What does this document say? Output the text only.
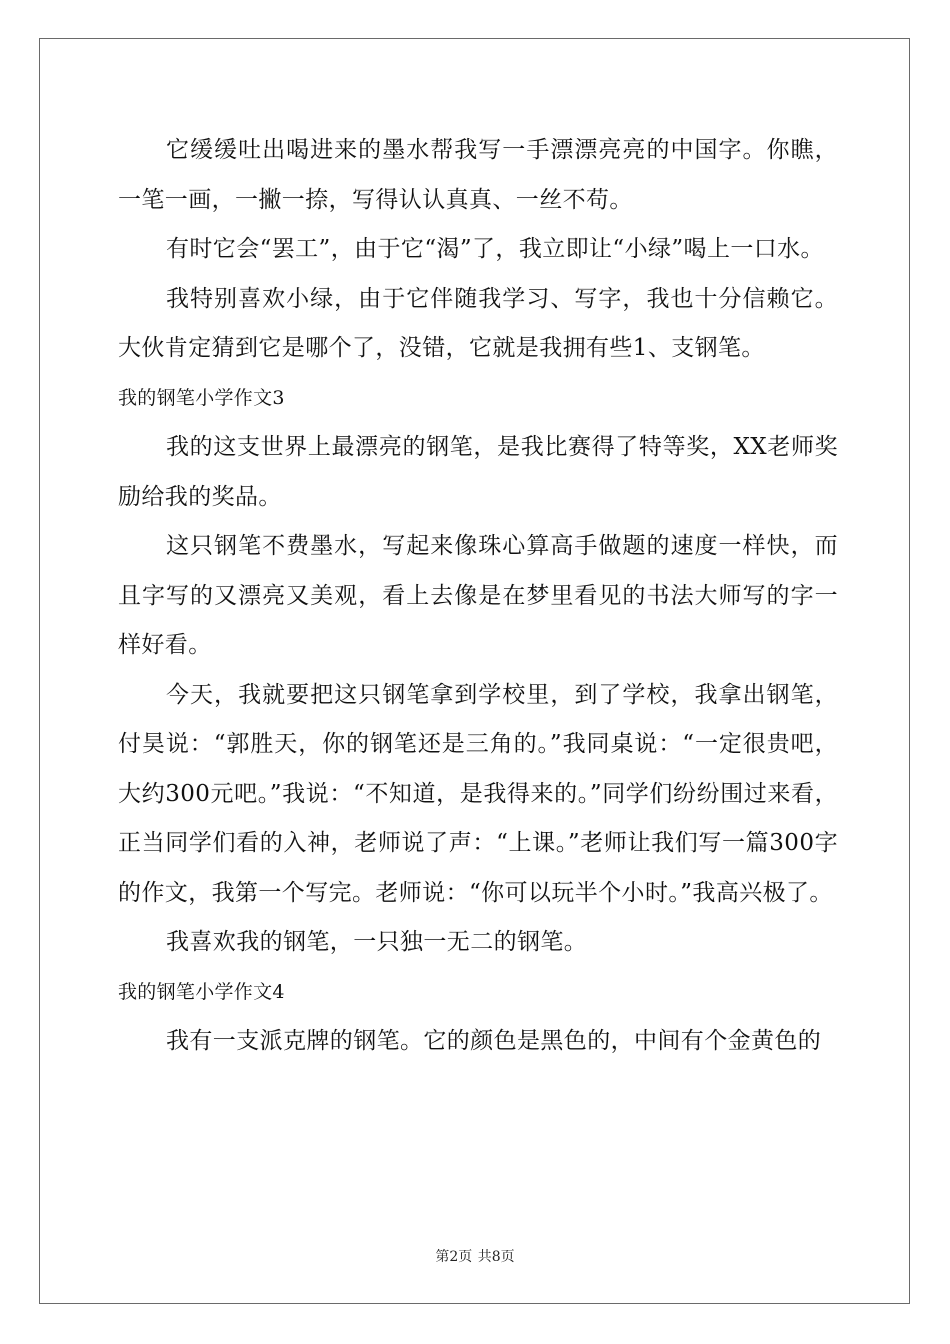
它缓缓吐出喝进来的墨水帮我写一手漂漂亮亮的中国字。你瞧，一笔一画，一撇一捺，写得认认真真、一丝不苟。

有时它会“罢工”，由于它“渴”了，我立即让“小绿”喝上一口水。

我特别喜欢小绿，由于它伴随我学习、写字，我也十分信赖它。大伙肯定猜到它是哪个了，没错，它就是我拥有些1、支钢笔。

我的钢笔小学作文3

我的这支世界上最漂亮的钢笔，是我比赛得了特等奖，XX老师奖励给我的奖品。

这只钢笔不费墨水，写起来像珠心算高手做题的速度一样快，而且字写的又漂亮又美观，看上去像是在梦里看见的书法大师写的字一样好看。

今天，我就要把这只钢笔拿到学校里，到了学校，我拿出钢笔，付昊说：“郭胜天，你的钢笔还是三角的。”我同桌说：“一定很贵吧，大约300元吧。”我说：“不知道，是我得来的。”同学们纷纷围过来看，正当同学们看的入神，老师说了声：“上课。”老师让我们写一篇300字的作文，我第一个写完。老师说：“你可以玩半个小时。”我高兴极了。

我喜欢我的钢笔，一只独一无二的钢笔。

我的钢笔小学作文4

我有一支派克牌的钢笔。它的颜色是黑色的，中间有个金黄色的

第2页 共8页
